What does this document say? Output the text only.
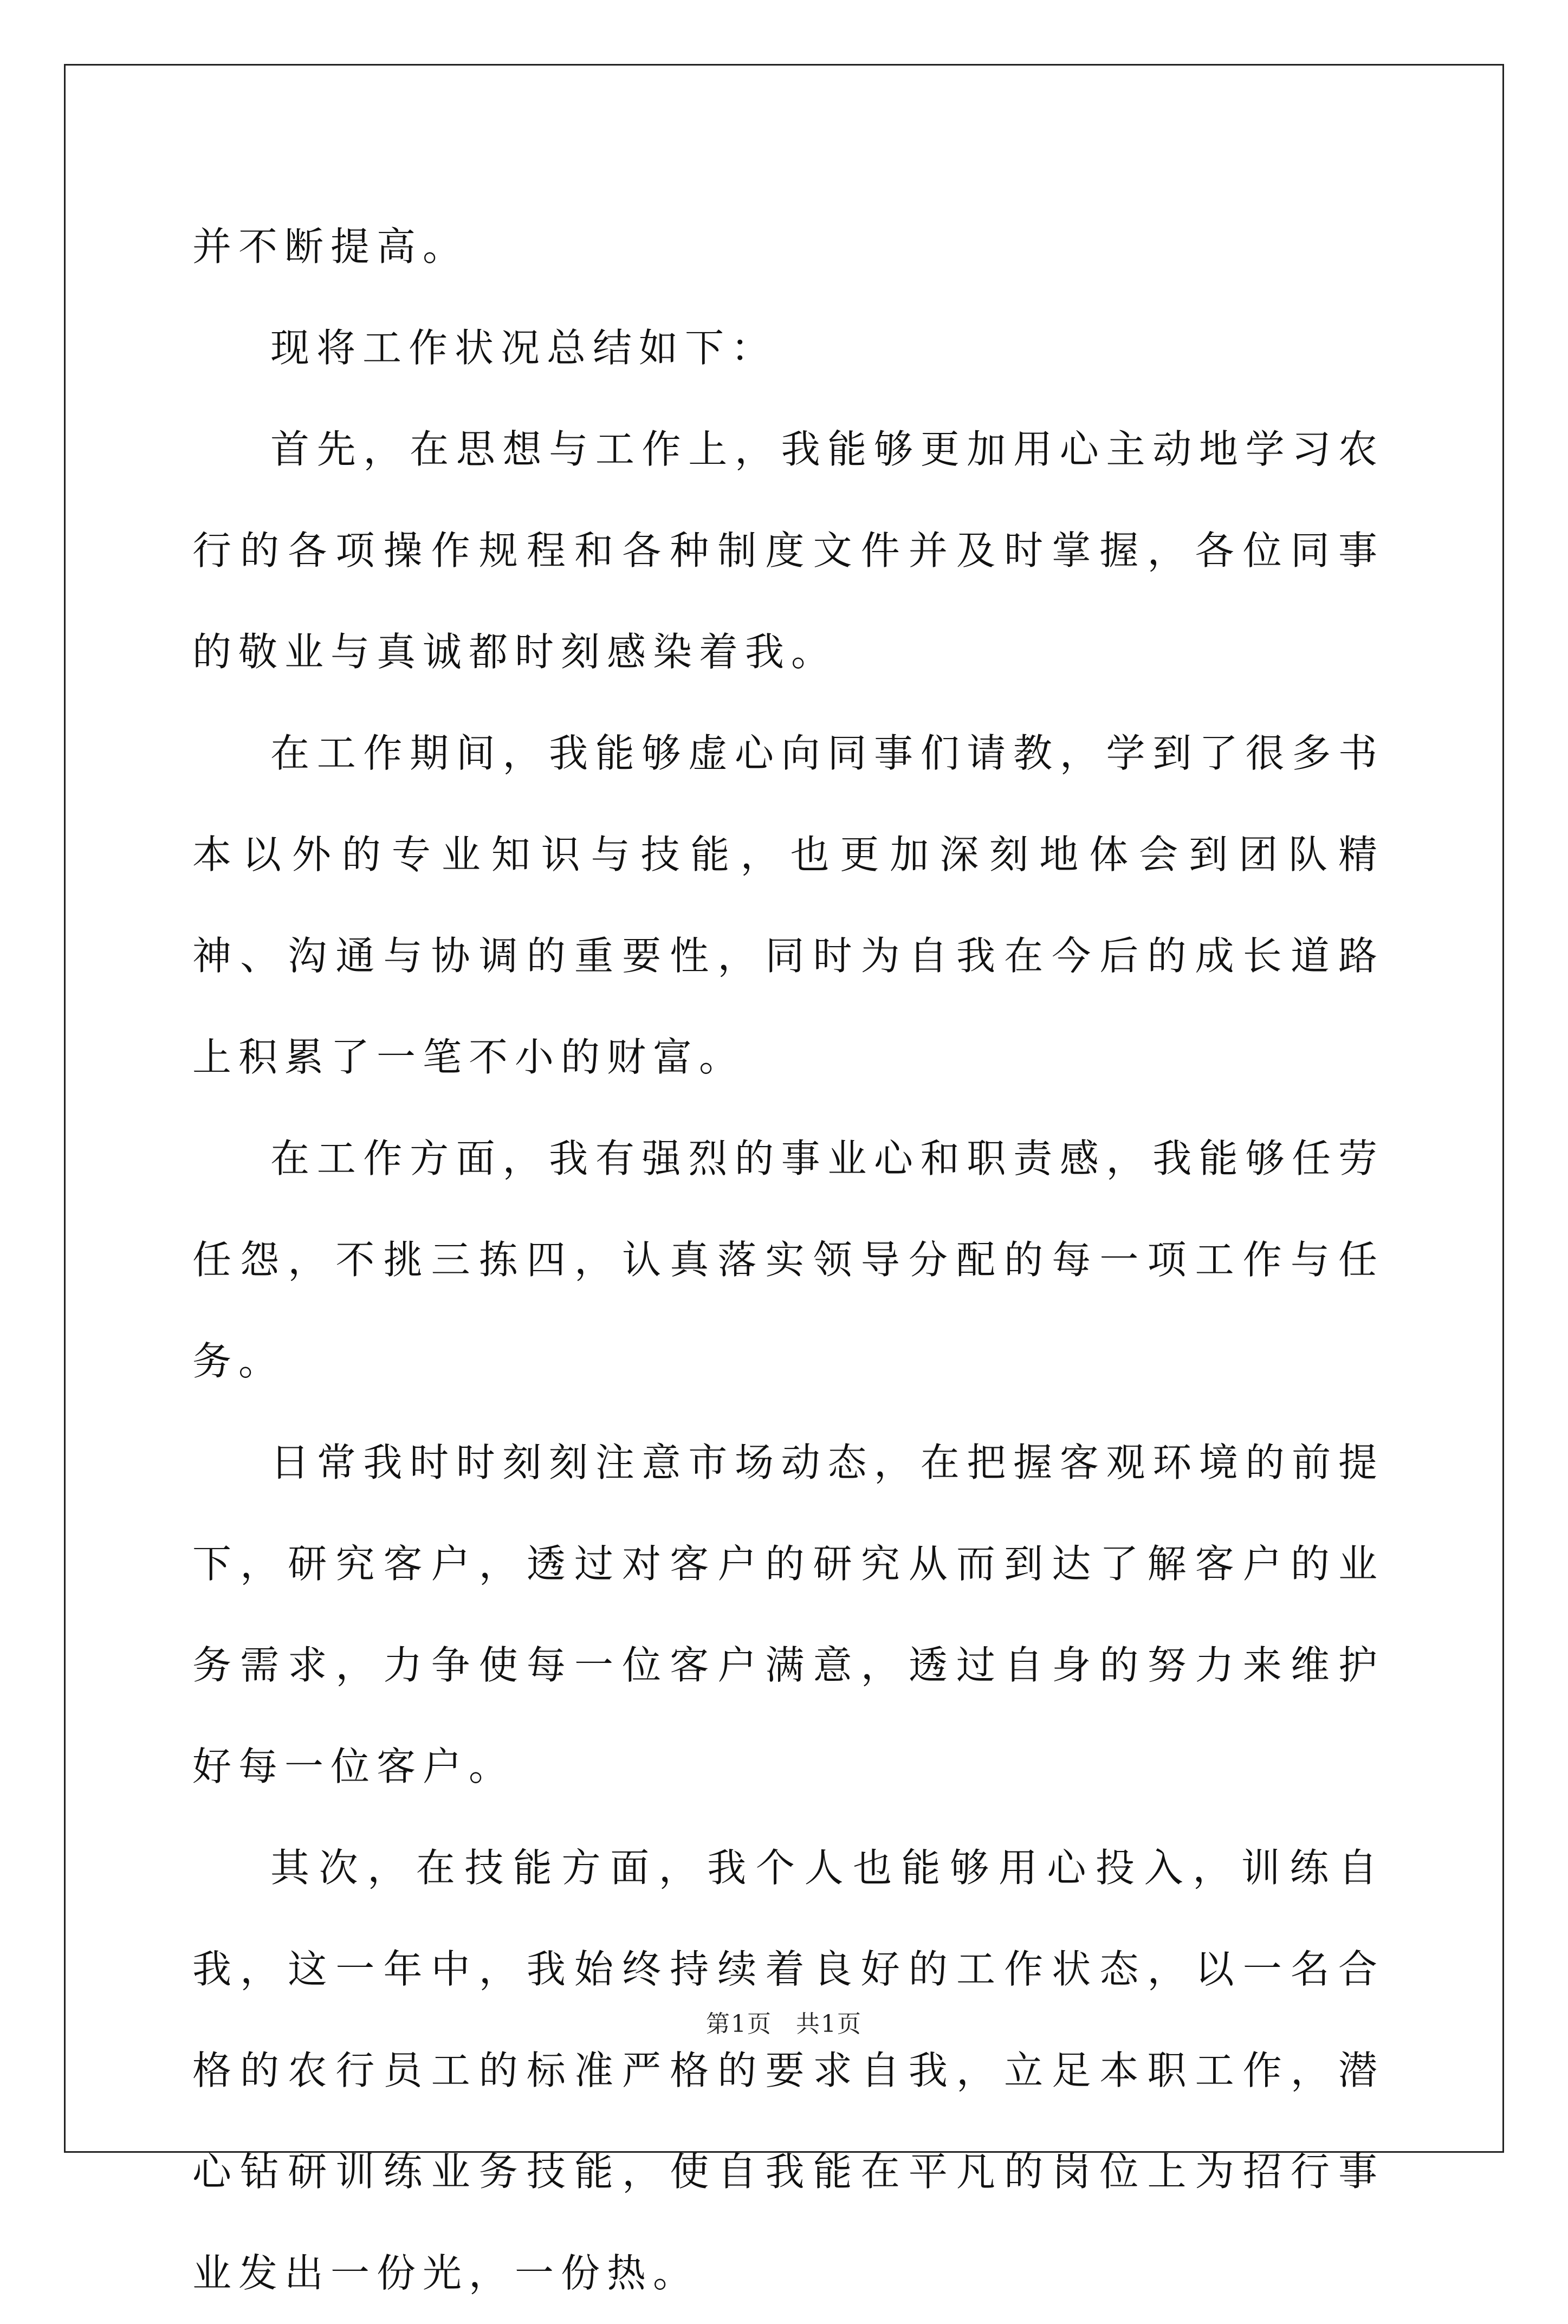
并不断提高。

现将工作状况总结如下：

首先，在思想与工作上，我能够更加用心主动地学习农行的各项操作规程和各种制度文件并及时掌握，各位同事的敬业与真诚都时刻感染着我。

在工作期间，我能够虚心向同事们请教，学到了很多书本以外的专业知识与技能，也更加深刻地体会到团队精神、沟通与协调的重要性，同时为自我在今后的成长道路上积累了一笔不小的财富。

在工作方面，我有强烈的事业心和职责感，我能够任劳任怨，不挑三拣四，认真落实领导分配的每一项工作与任务。

日常我时时刻刻注意市场动态，在把握客观环境的前提下，研究客户，透过对客户的研究从而到达了解客户的业务需求，力争使每一位客户满意，透过自身的努力来维护好每一位客户。

其次，在技能方面，我个人也能够用心投入，训练自我，这一年中，我始终持续着良好的工作状态，以一名合格的农行员工的标准严格的要求自我，立足本职工作，潜心钻研训练业务技能，使自我能在平凡的岗位上为招行事业发出一份光，一份热。

第1页 共1页
